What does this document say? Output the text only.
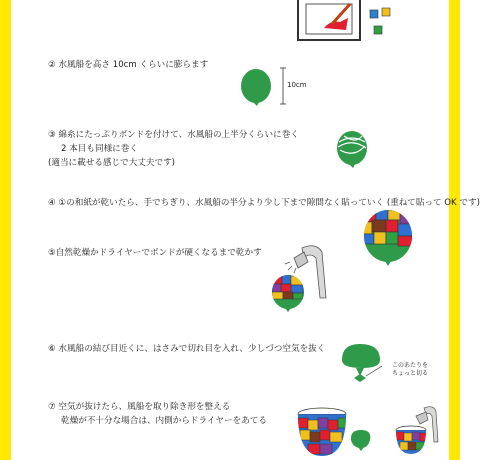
② 水風船を高さ 10cm くらいに膨らます
10cm
③ 綿糸にたっぷりボンドを付けて、水風船の上半分くらいに巻く
2 本目も同様に巻く
(適当に載せる感じで大丈夫です)
④ ①の和紙が乾いたら、手でちぎり、水風船の半分より少し下まで隙間なく貼っていく (重ねて貼って OK です)
⑤自然乾燥かドライヤーでボンドが硬くなるまで乾かす
⑥ 水風船の結び目近くに、はさみで切れ目を入れ、少しづつ空気を抜く
このあたりを
ちょっと切る
⑦ 空気が抜けたら、風船を取り除き形を整える
乾燥が不十分な場合は、内側からドライヤーをあてる
